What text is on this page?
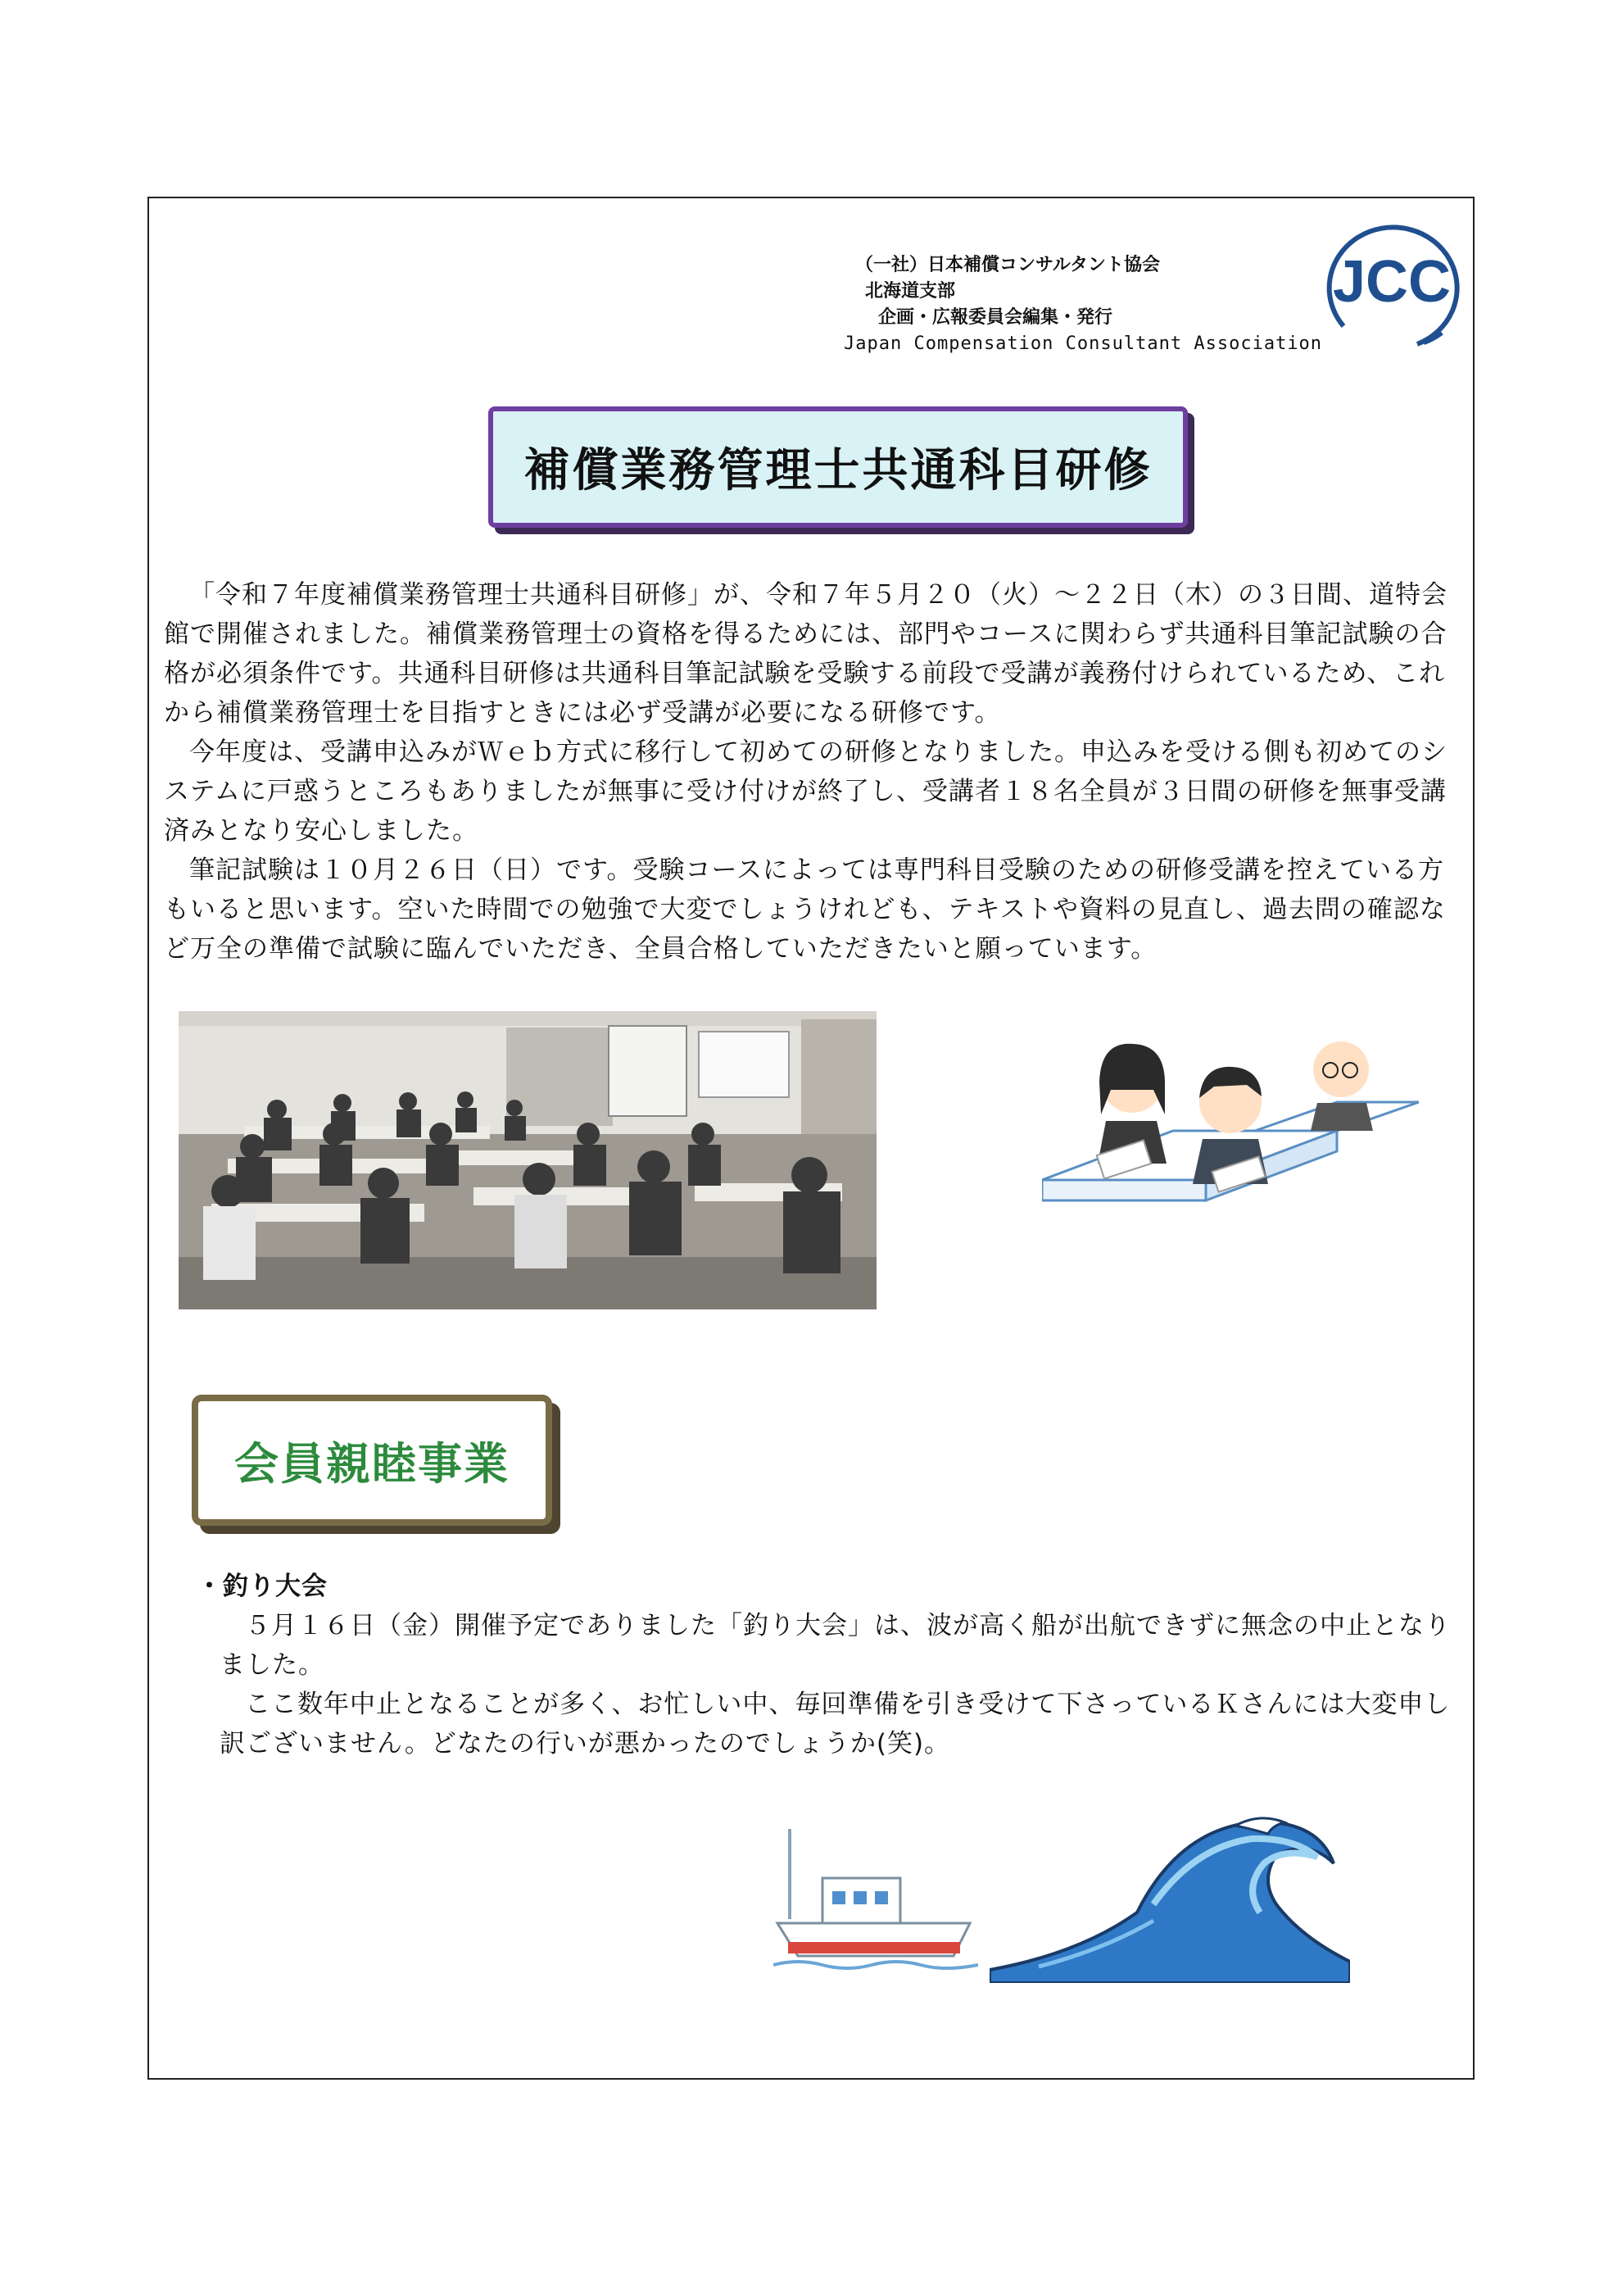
（一社）日本補償コンサルタント協会
北海道支部
企画・広報委員会編集・発行
Japan Compensation Consultant Association
JCC
補償業務管理士共通科目研修

「令和７年度補償業務管理士共通科目研修」が、令和７年５月２０（火）～２２日（木）の３日間、道特会館で開催されました。補償業務管理士の資格を得るためには、部門やコースに関わらず共通科目筆記試験の合格が必須条件です。共通科目研修は共通科目筆記試験を受験する前段で受講が義務付けられているため、これから補償業務管理士を目指すときには必ず受講が必要になる研修です。

今年度は、受講申込みがＷｅｂ方式に移行して初めての研修となりました。申込みを受ける側も初めてのシステムに戸惑うところもありましたが無事に受け付けが終了し、受講者１８名全員が３日間の研修を無事受講済みとなり安心しました。

筆記試験は１０月２６日（日）です。受験コースによっては専門科目受験のための研修受講を控えている方もいると思います。空いた時間での勉強で大変でしょうけれども、テキストや資料の見直し、過去問の確認など万全の準備で試験に臨んでいただき、全員合格していただきたいと願っています。

会員親睦事業
・釣り大会

５月１６日（金）開催予定でありました「釣り大会」は、波が高く船が出航できずに無念の中止となりました。

ここ数年中止となることが多く、お忙しい中、毎回準備を引き受けて下さっているＫさんには大変申し訳ございません。どなたの行いが悪かったのでしょうか(笑)。
